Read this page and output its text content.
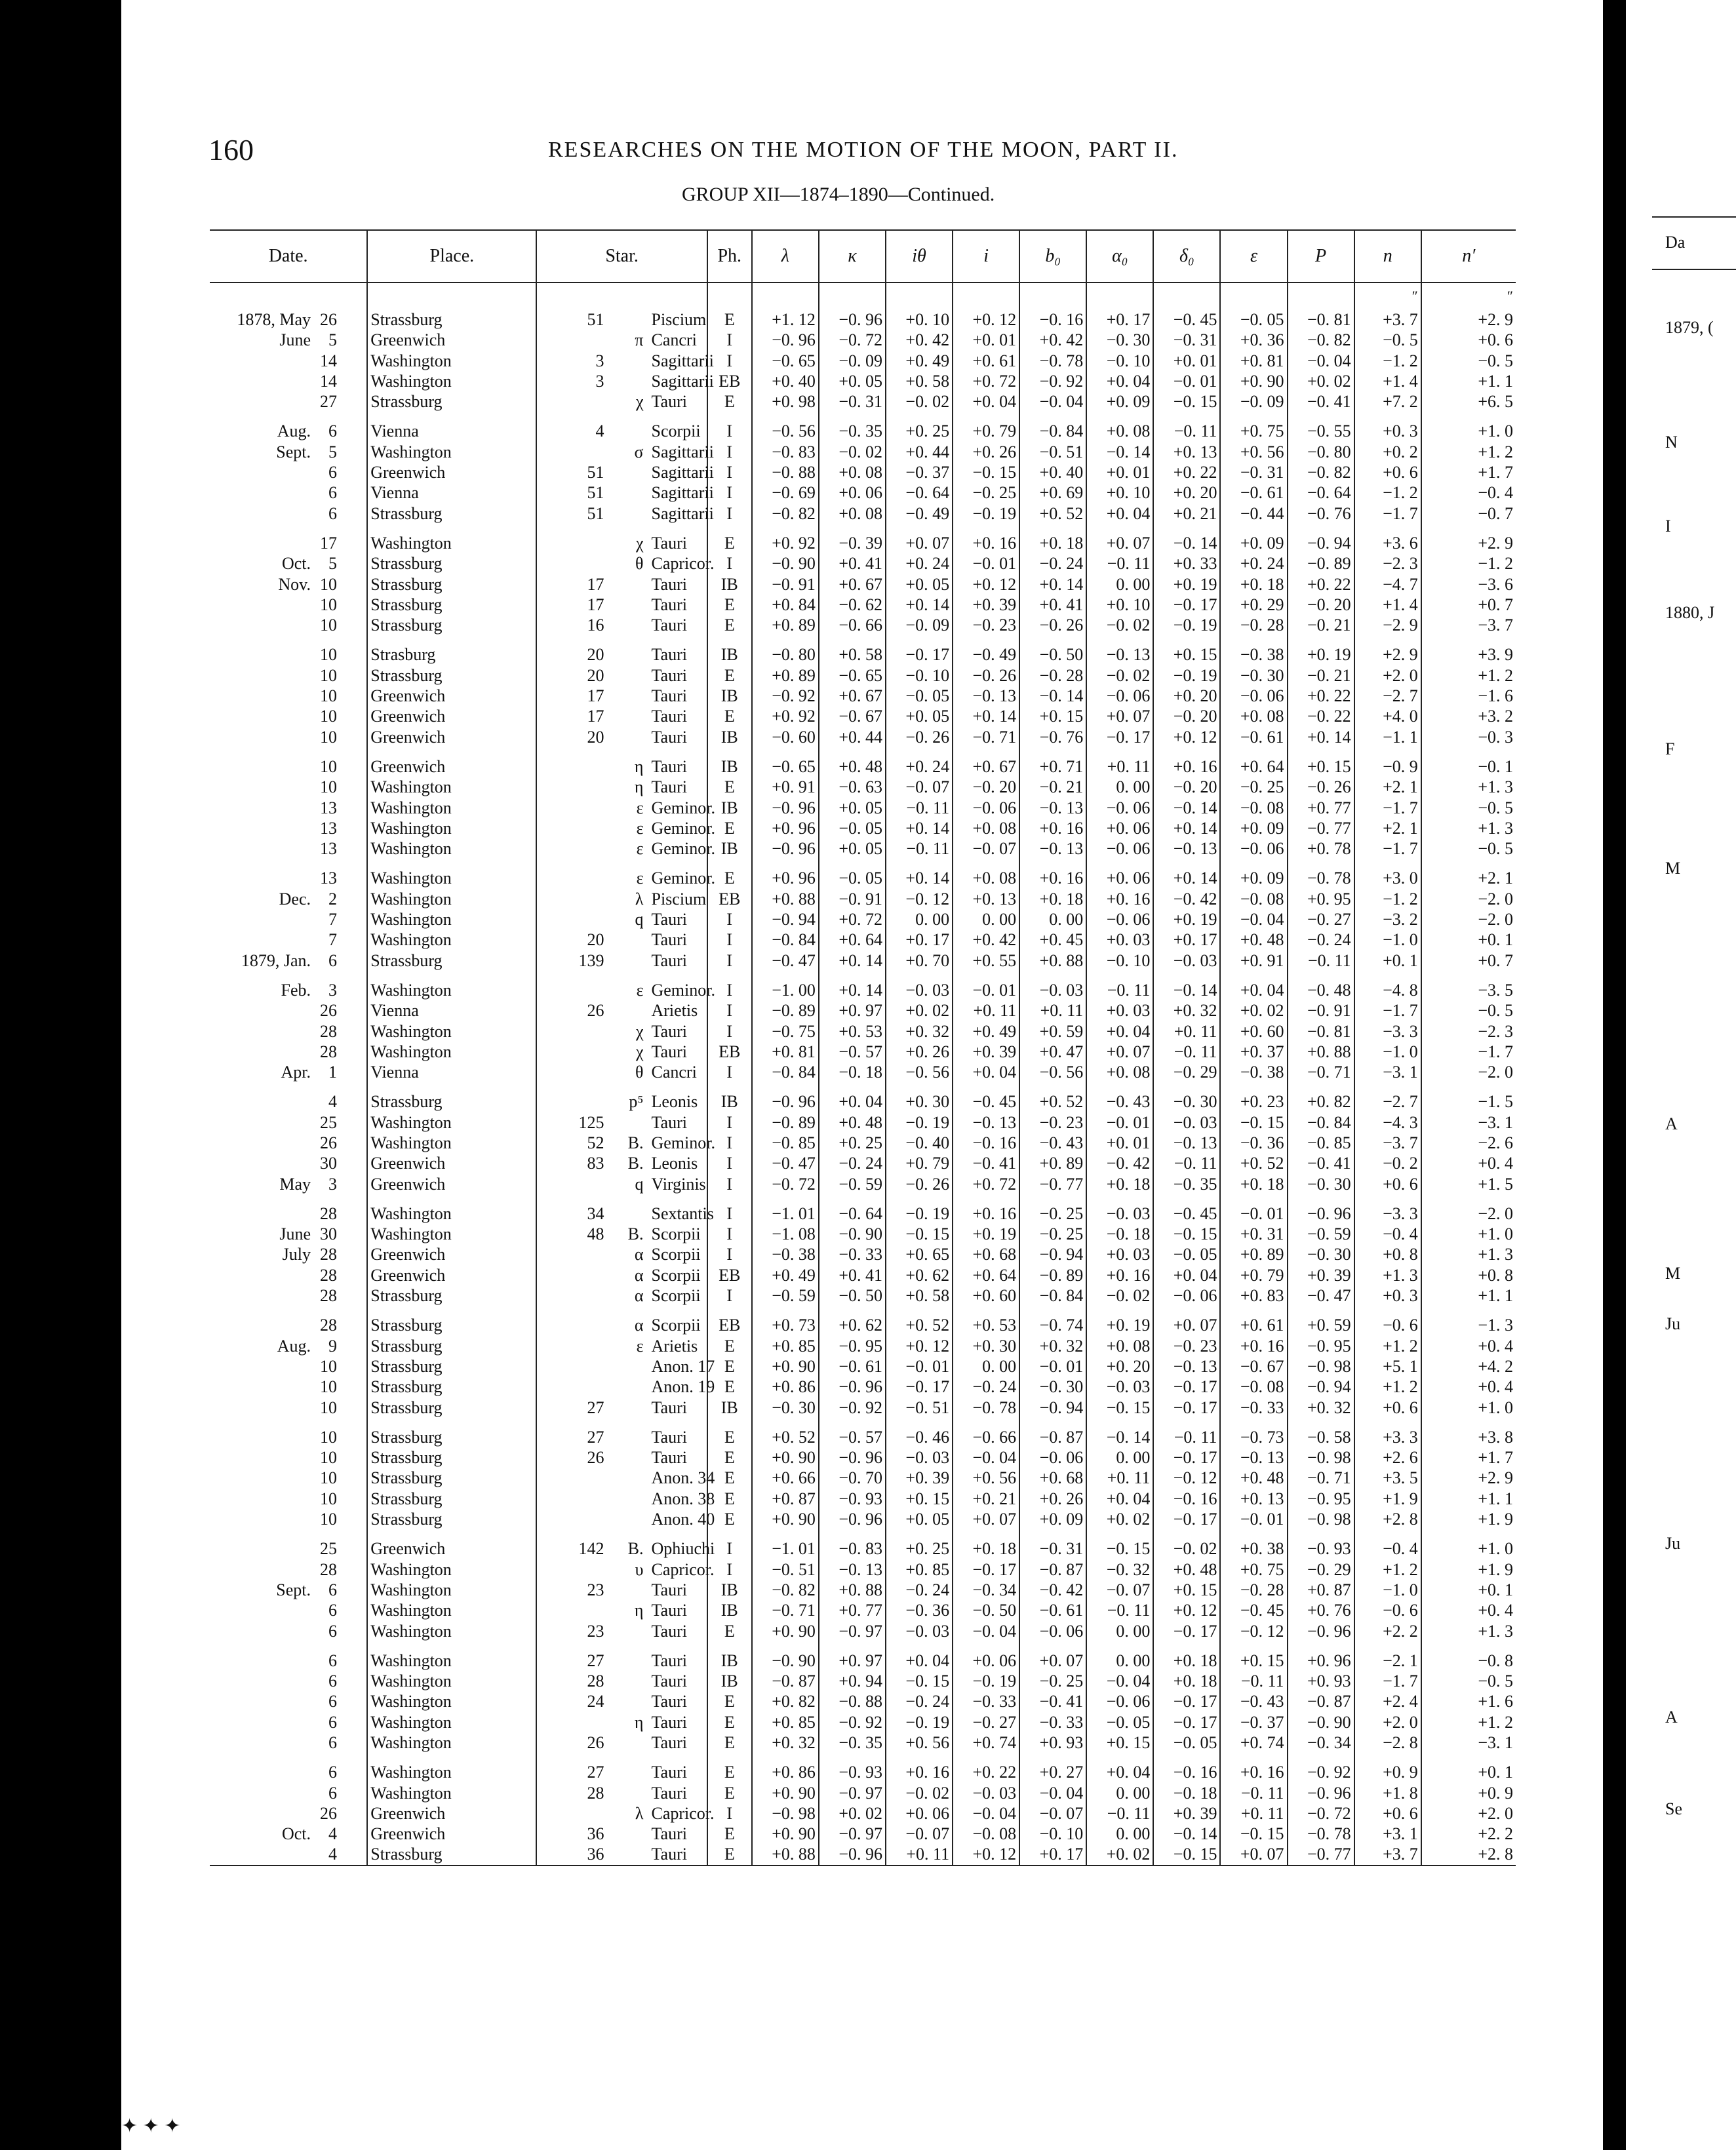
160	RESEARCHES ON THE MOTION OF THE MOON, PART II.
GROUP XII—1874–1890—Continued.
Date.	Place.	Star.	Ph.	λ	κ	iθ	i	b₀	α₀	δ₀	ε	P	n	n′
													″	″
1878, May 26	Strassburg	51 Piscium	E	+1. 12	−0. 96	+0. 10	+0. 12	−0. 16	+0. 17	−0. 45	−0. 05	−0. 81	+3. 7	+2. 9
June 5	Greenwich	π Cancri	I	−0. 96	−0. 72	+0. 42	+0. 01	+0. 42	−0. 30	−0. 31	+0. 36	−0. 82	−0. 5	+0. 6
14	Washington	3 Sagittarii	I	−0. 65	−0. 09	+0. 49	+0. 61	−0. 78	−0. 10	+0. 01	+0. 81	−0. 04	−1. 2	−0. 5
14	Washington	3 Sagittarii	EB	+0. 40	+0. 05	+0. 58	+0. 72	−0. 92	+0. 04	−0. 01	+0. 90	+0. 02	+1. 4	+1. 1
27	Strassburg	χ Tauri	E	+0. 98	−0. 31	−0. 02	+0. 04	−0. 04	+0. 09	−0. 15	−0. 09	−0. 41	+7. 2	+6. 5

Aug. 6	Vienna	4 Scorpii	I	−0. 56	−0. 35	+0. 25	+0. 79	−0. 84	+0. 08	−0. 11	+0. 75	−0. 55	+0. 3	+1. 0
Sept. 5	Washington	σ Sagittarii	I	−0. 83	−0. 02	+0. 44	+0. 26	−0. 51	−0. 14	+0. 13	+0. 56	−0. 80	+0. 2	+1. 2
6	Greenwich	51 Sagittarii	I	−0. 88	+0. 08	−0. 37	−0. 15	+0. 40	+0. 01	+0. 22	−0. 31	−0. 82	+0. 6	+1. 7
6	Vienna	51 Sagittarii	I	−0. 69	+0. 06	−0. 64	−0. 25	+0. 69	+0. 10	+0. 20	−0. 61	−0. 64	−1. 2	−0. 4
6	Strassburg	51 Sagittarii	I	−0. 82	+0. 08	−0. 49	−0. 19	+0. 52	+0. 04	+0. 21	−0. 44	−0. 76	−1. 7	−0. 7

17	Washington	χ Tauri	E	+0. 92	−0. 39	+0. 07	+0. 16	+0. 18	+0. 07	−0. 14	+0. 09	−0. 94	+3. 6	+2. 9
Oct. 5	Strassburg	θ Capricor.	I	−0. 90	+0. 41	+0. 24	−0. 01	−0. 24	−0. 11	+0. 33	+0. 24	−0. 89	−2. 3	−1. 2
Nov. 10	Strassburg	17 Tauri	IB	−0. 91	+0. 67	+0. 05	+0. 12	+0. 14	0. 00	+0. 19	+0. 18	+0. 22	−4. 7	−3. 6
10	Strassburg	17 Tauri	E	+0. 84	−0. 62	+0. 14	+0. 39	+0. 41	+0. 10	−0. 17	+0. 29	−0. 20	+1. 4	+0. 7
10	Strassburg	16 Tauri	E	+0. 89	−0. 66	−0. 09	−0. 23	−0. 26	−0. 02	−0. 19	−0. 28	−0. 21	−2. 9	−3. 7

10	Strasburg	20 Tauri	IB	−0. 80	+0. 58	−0. 17	−0. 49	−0. 50	−0. 13	+0. 15	−0. 38	+0. 19	+2. 9	+3. 9
10	Strassburg	20 Tauri	E	+0. 89	−0. 65	−0. 10	−0. 26	−0. 28	−0. 02	−0. 19	−0. 30	−0. 21	+2. 0	+1. 2
10	Greenwich	17 Tauri	IB	−0. 92	+0. 67	−0. 05	−0. 13	−0. 14	−0. 06	+0. 20	−0. 06	+0. 22	−2. 7	−1. 6
10	Greenwich	17 Tauri	E	+0. 92	−0. 67	+0. 05	+0. 14	+0. 15	+0. 07	−0. 20	+0. 08	−0. 22	+4. 0	+3. 2
10	Greenwich	20 Tauri	IB	−0. 60	+0. 44	−0. 26	−0. 71	−0. 76	−0. 17	+0. 12	−0. 61	+0. 14	−1. 1	−0. 3

10	Greenwich	η Tauri	IB	−0. 65	+0. 48	+0. 24	+0. 67	+0. 71	+0. 11	+0. 16	+0. 64	+0. 15	−0. 9	−0. 1
10	Washington	η Tauri	E	+0. 91	−0. 63	−0. 07	−0. 20	−0. 21	0. 00	−0. 20	−0. 25	−0. 26	+2. 1	+1. 3
13	Washington	ε Geminor.	IB	−0. 96	+0. 05	−0. 11	−0. 06	−0. 13	−0. 06	−0. 14	−0. 08	+0. 77	−1. 7	−0. 5
13	Washington	ε Geminor.	E	+0. 96	−0. 05	+0. 14	+0. 08	+0. 16	+0. 06	+0. 14	+0. 09	−0. 77	+2. 1	+1. 3
13	Washington	ε Geminor.	IB	−0. 96	+0. 05	−0. 11	−0. 07	−0. 13	−0. 06	−0. 13	−0. 06	+0. 78	−1. 7	−0. 5

13	Washington	ε Geminor.	E	+0. 96	−0. 05	+0. 14	+0. 08	+0. 16	+0. 06	+0. 14	+0. 09	−0. 78	+3. 0	+2. 1
Dec. 2	Washington	λ Piscium	EB	+0. 88	−0. 91	−0. 12	+0. 13	+0. 18	+0. 16	−0. 42	−0. 08	+0. 95	−1. 2	−2. 0
7	Washington	q Tauri	I	−0. 94	+0. 72	0. 00	0. 00	0. 00	−0. 06	+0. 19	−0. 04	−0. 27	−3. 2	−2. 0
7	Washington	20 Tauri	I	−0. 84	+0. 64	+0. 17	+0. 42	+0. 45	+0. 03	+0. 17	+0. 48	−0. 24	−1. 0	+0. 1
1879, Jan. 6	Strassburg	139 Tauri	I	−0. 47	+0. 14	+0. 70	+0. 55	+0. 88	−0. 10	−0. 03	+0. 91	−0. 11	+0. 1	+0. 7

Feb. 3	Washington	ε Geminor.	I	−1. 00	+0. 14	−0. 03	−0. 01	−0. 03	−0. 11	−0. 14	+0. 04	−0. 48	−4. 8	−3. 5
26	Vienna	26 Arietis	I	−0. 89	+0. 97	+0. 02	+0. 11	+0. 11	+0. 03	+0. 32	+0. 02	−0. 91	−1. 7	−0. 5
28	Washington	χ Tauri	I	−0. 75	+0. 53	+0. 32	+0. 49	+0. 59	+0. 04	+0. 11	+0. 60	−0. 81	−3. 3	−2. 3
28	Washington	χ Tauri	EB	+0. 81	−0. 57	+0. 26	+0. 39	+0. 47	+0. 07	−0. 11	+0. 37	+0. 88	−1. 0	−1. 7
Apr. 1	Vienna	θ Cancri	I	−0. 84	−0. 18	−0. 56	+0. 04	−0. 56	+0. 08	−0. 29	−0. 38	−0. 71	−3. 1	−2. 0

4	Strassburg	p⁵ Leonis	IB	−0. 96	+0. 04	+0. 30	−0. 45	+0. 52	−0. 43	−0. 30	+0. 23	+0. 82	−2. 7	−1. 5
25	Washington	125 Tauri	I	−0. 89	+0. 48	−0. 19	−0. 13	−0. 23	−0. 01	−0. 03	−0. 15	−0. 84	−4. 3	−3. 1
26	Washington	52 B. Geminor.	I	−0. 85	+0. 25	−0. 40	−0. 16	−0. 43	+0. 01	−0. 13	−0. 36	−0. 85	−3. 7	−2. 6
30	Greenwich	83 B. Leonis	I	−0. 47	−0. 24	+0. 79	−0. 41	+0. 89	−0. 42	−0. 11	+0. 52	−0. 41	−0. 2	+0. 4
May 3	Greenwich	q Virginis	I	−0. 72	−0. 59	−0. 26	+0. 72	−0. 77	+0. 18	−0. 35	+0. 18	−0. 30	+0. 6	+1. 5

28	Washington	34 Sextantis	I	−1. 01	−0. 64	−0. 19	+0. 16	−0. 25	−0. 03	−0. 45	−0. 01	−0. 96	−3. 3	−2. 0
June 30	Washington	48 B. Scorpii	I	−1. 08	−0. 90	−0. 15	+0. 19	−0. 25	−0. 18	−0. 15	+0. 31	−0. 59	−0. 4	+1. 0
July 28	Greenwich	α Scorpii	I	−0. 38	−0. 33	+0. 65	+0. 68	−0. 94	+0. 03	−0. 05	+0. 89	−0. 30	+0. 8	+1. 3
28	Greenwich	α Scorpii	EB	+0. 49	+0. 41	+0. 62	+0. 64	−0. 89	+0. 16	+0. 04	+0. 79	+0. 39	+1. 3	+0. 8
28	Strassburg	α Scorpii	I	−0. 59	−0. 50	+0. 58	+0. 60	−0. 84	−0. 02	−0. 06	+0. 83	−0. 47	+0. 3	+1. 1

28	Strassburg	α Scorpii	EB	+0. 73	+0. 62	+0. 52	+0. 53	−0. 74	+0. 19	+0. 07	+0. 61	+0. 59	−0. 6	−1. 3
Aug. 9	Strassburg	ε Arietis	E	+0. 85	−0. 95	+0. 12	+0. 30	+0. 32	+0. 08	−0. 23	+0. 16	−0. 95	+1. 2	+0. 4
10	Strassburg	Anon. 17	E	+0. 90	−0. 61	−0. 01	0. 00	−0. 01	+0. 20	−0. 13	−0. 67	−0. 98	+5. 1	+4. 2
10	Strassburg	Anon. 19	E	+0. 86	−0. 96	−0. 17	−0. 24	−0. 30	−0. 03	−0. 17	−0. 08	−0. 94	+1. 2	+0. 4
10	Strassburg	27 Tauri	IB	−0. 30	−0. 92	−0. 51	−0. 78	−0. 94	−0. 15	−0. 17	−0. 33	+0. 32	+0. 6	+1. 0

10	Strassburg	27 Tauri	E	+0. 52	−0. 57	−0. 46	−0. 66	−0. 87	−0. 14	−0. 11	−0. 73	−0. 58	+3. 3	+3. 8
10	Strassburg	26 Tauri	E	+0. 90	−0. 96	−0. 03	−0. 04	−0. 06	0. 00	−0. 17	−0. 13	−0. 98	+2. 6	+1. 7
10	Strassburg	Anon. 34	E	+0. 66	−0. 70	+0. 39	+0. 56	+0. 68	+0. 11	−0. 12	+0. 48	−0. 71	+3. 5	+2. 9
10	Strassburg	Anon. 38	E	+0. 87	−0. 93	+0. 15	+0. 21	+0. 26	+0. 04	−0. 16	+0. 13	−0. 95	+1. 9	+1. 1
10	Strassburg	Anon. 40	E	+0. 90	−0. 96	+0. 05	+0. 07	+0. 09	+0. 02	−0. 17	−0. 01	−0. 98	+2. 8	+1. 9

25	Greenwich	142 B. Ophiuchi	I	−1. 01	−0. 83	+0. 25	+0. 18	−0. 31	−0. 15	−0. 02	+0. 38	−0. 93	−0. 4	+1. 0
28	Washington	υ Capricor.	I	−0. 51	−0. 13	+0. 85	−0. 17	−0. 87	−0. 32	+0. 48	+0. 75	−0. 29	+1. 2	+1. 9
Sept. 6	Washington	23 Tauri	IB	−0. 82	+0. 88	−0. 24	−0. 34	−0. 42	−0. 07	+0. 15	−0. 28	+0. 87	−1. 0	+0. 1
6	Washington	η Tauri	IB	−0. 71	+0. 77	−0. 36	−0. 50	−0. 61	−0. 11	+0. 12	−0. 45	+0. 76	−0. 6	+0. 4
6	Washington	23 Tauri	E	+0. 90	−0. 97	−0. 03	−0. 04	−0. 06	0. 00	−0. 17	−0. 12	−0. 96	+2. 2	+1. 3

6	Washington	27 Tauri	IB	−0. 90	+0. 97	+0. 04	+0. 06	+0. 07	0. 00	+0. 18	+0. 15	+0. 96	−2. 1	−0. 8
6	Washington	28 Tauri	IB	−0. 87	+0. 94	−0. 15	−0. 19	−0. 25	−0. 04	+0. 18	−0. 11	+0. 93	−1. 7	−0. 5
6	Washington	24 Tauri	E	+0. 82	−0. 88	−0. 24	−0. 33	−0. 41	−0. 06	−0. 17	−0. 43	−0. 87	+2. 4	+1. 6
6	Washington	η Tauri	E	+0. 85	−0. 92	−0. 19	−0. 27	−0. 33	−0. 05	−0. 17	−0. 37	−0. 90	+2. 0	+1. 2
6	Washington	26 Tauri	E	+0. 32	−0. 35	+0. 56	+0. 74	+0. 93	+0. 15	−0. 05	+0. 74	−0. 34	−2. 8	−3. 1

6	Washington	27 Tauri	E	+0. 86	−0. 93	+0. 16	+0. 22	+0. 27	+0. 04	−0. 16	+0. 16	−0. 92	+0. 9	+0. 1
6	Washington	28 Tauri	E	+0. 90	−0. 97	−0. 02	−0. 03	−0. 04	0. 00	−0. 18	−0. 11	−0. 96	+1. 8	+0. 9
26	Greenwich	λ Capricor.	I	−0. 98	+0. 02	+0. 06	−0. 04	−0. 07	−0. 11	+0. 39	+0. 11	−0. 72	+0. 6	+2. 0
Oct. 4	Greenwich	36 Tauri	E	+0. 90	−0. 97	−0. 07	−0. 08	−0. 10	0. 00	−0. 14	−0. 15	−0. 78	+3. 1	+2. 2
4	Strassburg	36 Tauri	E	+0. 88	−0. 96	+0. 11	+0. 12	+0. 17	+0. 02	−0. 15	+0. 07	−0. 77	+3. 7	+2. 8
Da
1879, (
N
I
1880, J
F
M
A
M
Ju
Ju
A
Se
✦ ✦ ✦
